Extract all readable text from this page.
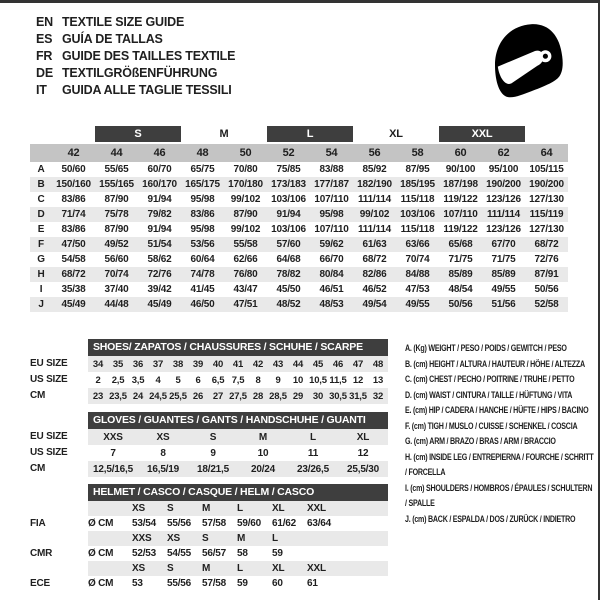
EN TEXTILE SIZE GUIDE
ES GUÍA DE TALLAS
FR GUIDE DES TAILLES TEXTILE
DE TEXTILGRÖßENFÜHRUNG
IT	GUIDA ALLE TAGLIE TESSILI
S	M	L	XL	XXL
42	44	46	48	50	52	54	56	58	60	62	64
A	50/60	55/65	60/70	65/75	70/80	75/85	83/88	85/92	87/95	90/100	95/100	105/115
B	150/160 155/165 160/170 165/175 170/180 173/183 177/187 182/190 185/195 187/198 190/200 190/200
C	83/86	87/90	91/94	95/98	99/102	103/106 107/110 111/114 115/118 119/122 123/126 127/130
D	71/74	75/78	79/82	83/86	87/90	91/94	95/98	99/102	103/106 107/110 111/114 115/119
E	83/86	87/90	91/94	95/98	99/102	103/106 107/110 111/114 115/118 119/122 123/126 127/130
F	47/50	49/52	51/54	53/56	55/58	57/60	59/62	61/63	63/66	65/68	67/70	68/72
G	54/58	56/60	58/62	60/64	62/66	64/68	66/70	68/72	70/74	71/75	71/75	72/76
H	68/72	70/74	72/76	74/78	76/80	78/82	80/84	82/86	84/88	85/89	85/89	87/91
I	35/38	37/40	39/42	41/45	43/47	45/50	46/51	46/52	47/53	48/54	49/55	50/56
J	45/49	44/48	45/49	46/50	47/51	48/52	48/53	49/54	49/55	50/56	51/56	52/58
SHOES/ ZAPATOS / CHAUSSURES / SCHUHE / SCARPE
EU SIZE	34	35	36	37	38	39	40	41	42	43	44	45	46	47	48
US SIZE	2	2,5 3,5	4	5	6	6,5 7,5	8	9	10 10,5 11,5 12	13
CM	23 23,5 24 24,5 25,5 26	27 27,5 28 28,5 29	30 30,5 31,5 32
GLOVES / GUANTES / GANTS / HANDSCHUHE / GUANTI
EU SIZE	XXS	XS	S	M	L	XL
US SIZE	7	8	9	10	11	12
CM	12,5/16,5	16,5/19	18/21,5	20/24	23/26,5	25,5/30
HELMET / CASCO / CASQUE / HELM / CASCO
XS	S	M	L	XL	XXL
FIA	Ø CM	53/54	55/56	57/58	59/60	61/62	63/64
XXS	XS	S	M	L
CMR	Ø CM	52/53	54/55	56/57	58	59
XS	S	M	L	XL	XXL
ECE	Ø CM	53	55/56	57/58	59	60	61
A. (Kg) WEIGHT / PESO / POIDS / GEWITCH / PESO
B. (cm) HEIGHT / ALTURA / HAUTEUR / HÖHE / ALTEZZA
C. (cm) CHEST / PECHO / POITRINE / TRUHE / PETTO
D. (cm) WAIST / CINTURA / TAILLE / HÜFTUNG / VITA
E. (cm) HIP / CADERA / HANCHE / HÜFTE / HIPS / BACINO
F. (cm) TIGH / MUSLO / CUISSE / SCHENKEL / COSCIA
G. (cm) ARM / BRAZO / BRAS / ARM / BRACCIO
H. (cm) INSIDE LEG / ENTREPIERNA / FOURCHE / SCHRITT / FORCELLA
I. (cm) SHOULDERS / HOMBROS / ÉPAULES / SCHULTERN / SPALLE
J. (cm) BACK / ESPALDA / DOS / ZURÜCK / INDIETRO
